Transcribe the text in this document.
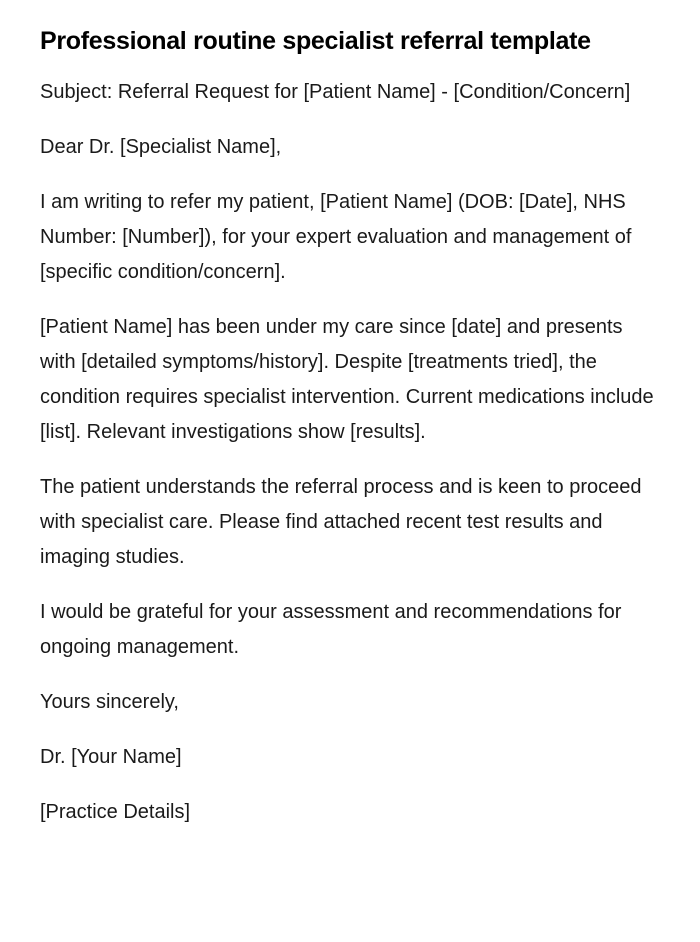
Professional routine specialist referral template

Subject: Referral Request for [Patient Name] - [Condition/Concern]

Dear Dr. [Specialist Name],

I am writing to refer my patient, [Patient Name] (DOB: [Date], NHS Number: [Number]), for your expert evaluation and management of [specific condition/concern].

[Patient Name] has been under my care since [date] and presents with [detailed symptoms/history]. Despite [treatments tried], the condition requires specialist intervention. Current medications include [list]. Relevant investigations show [results].

The patient understands the referral process and is keen to proceed with specialist care. Please find attached recent test results and imaging studies.

I would be grateful for your assessment and recommendations for ongoing management.

Yours sincerely,

Dr. [Your Name]

[Practice Details]
